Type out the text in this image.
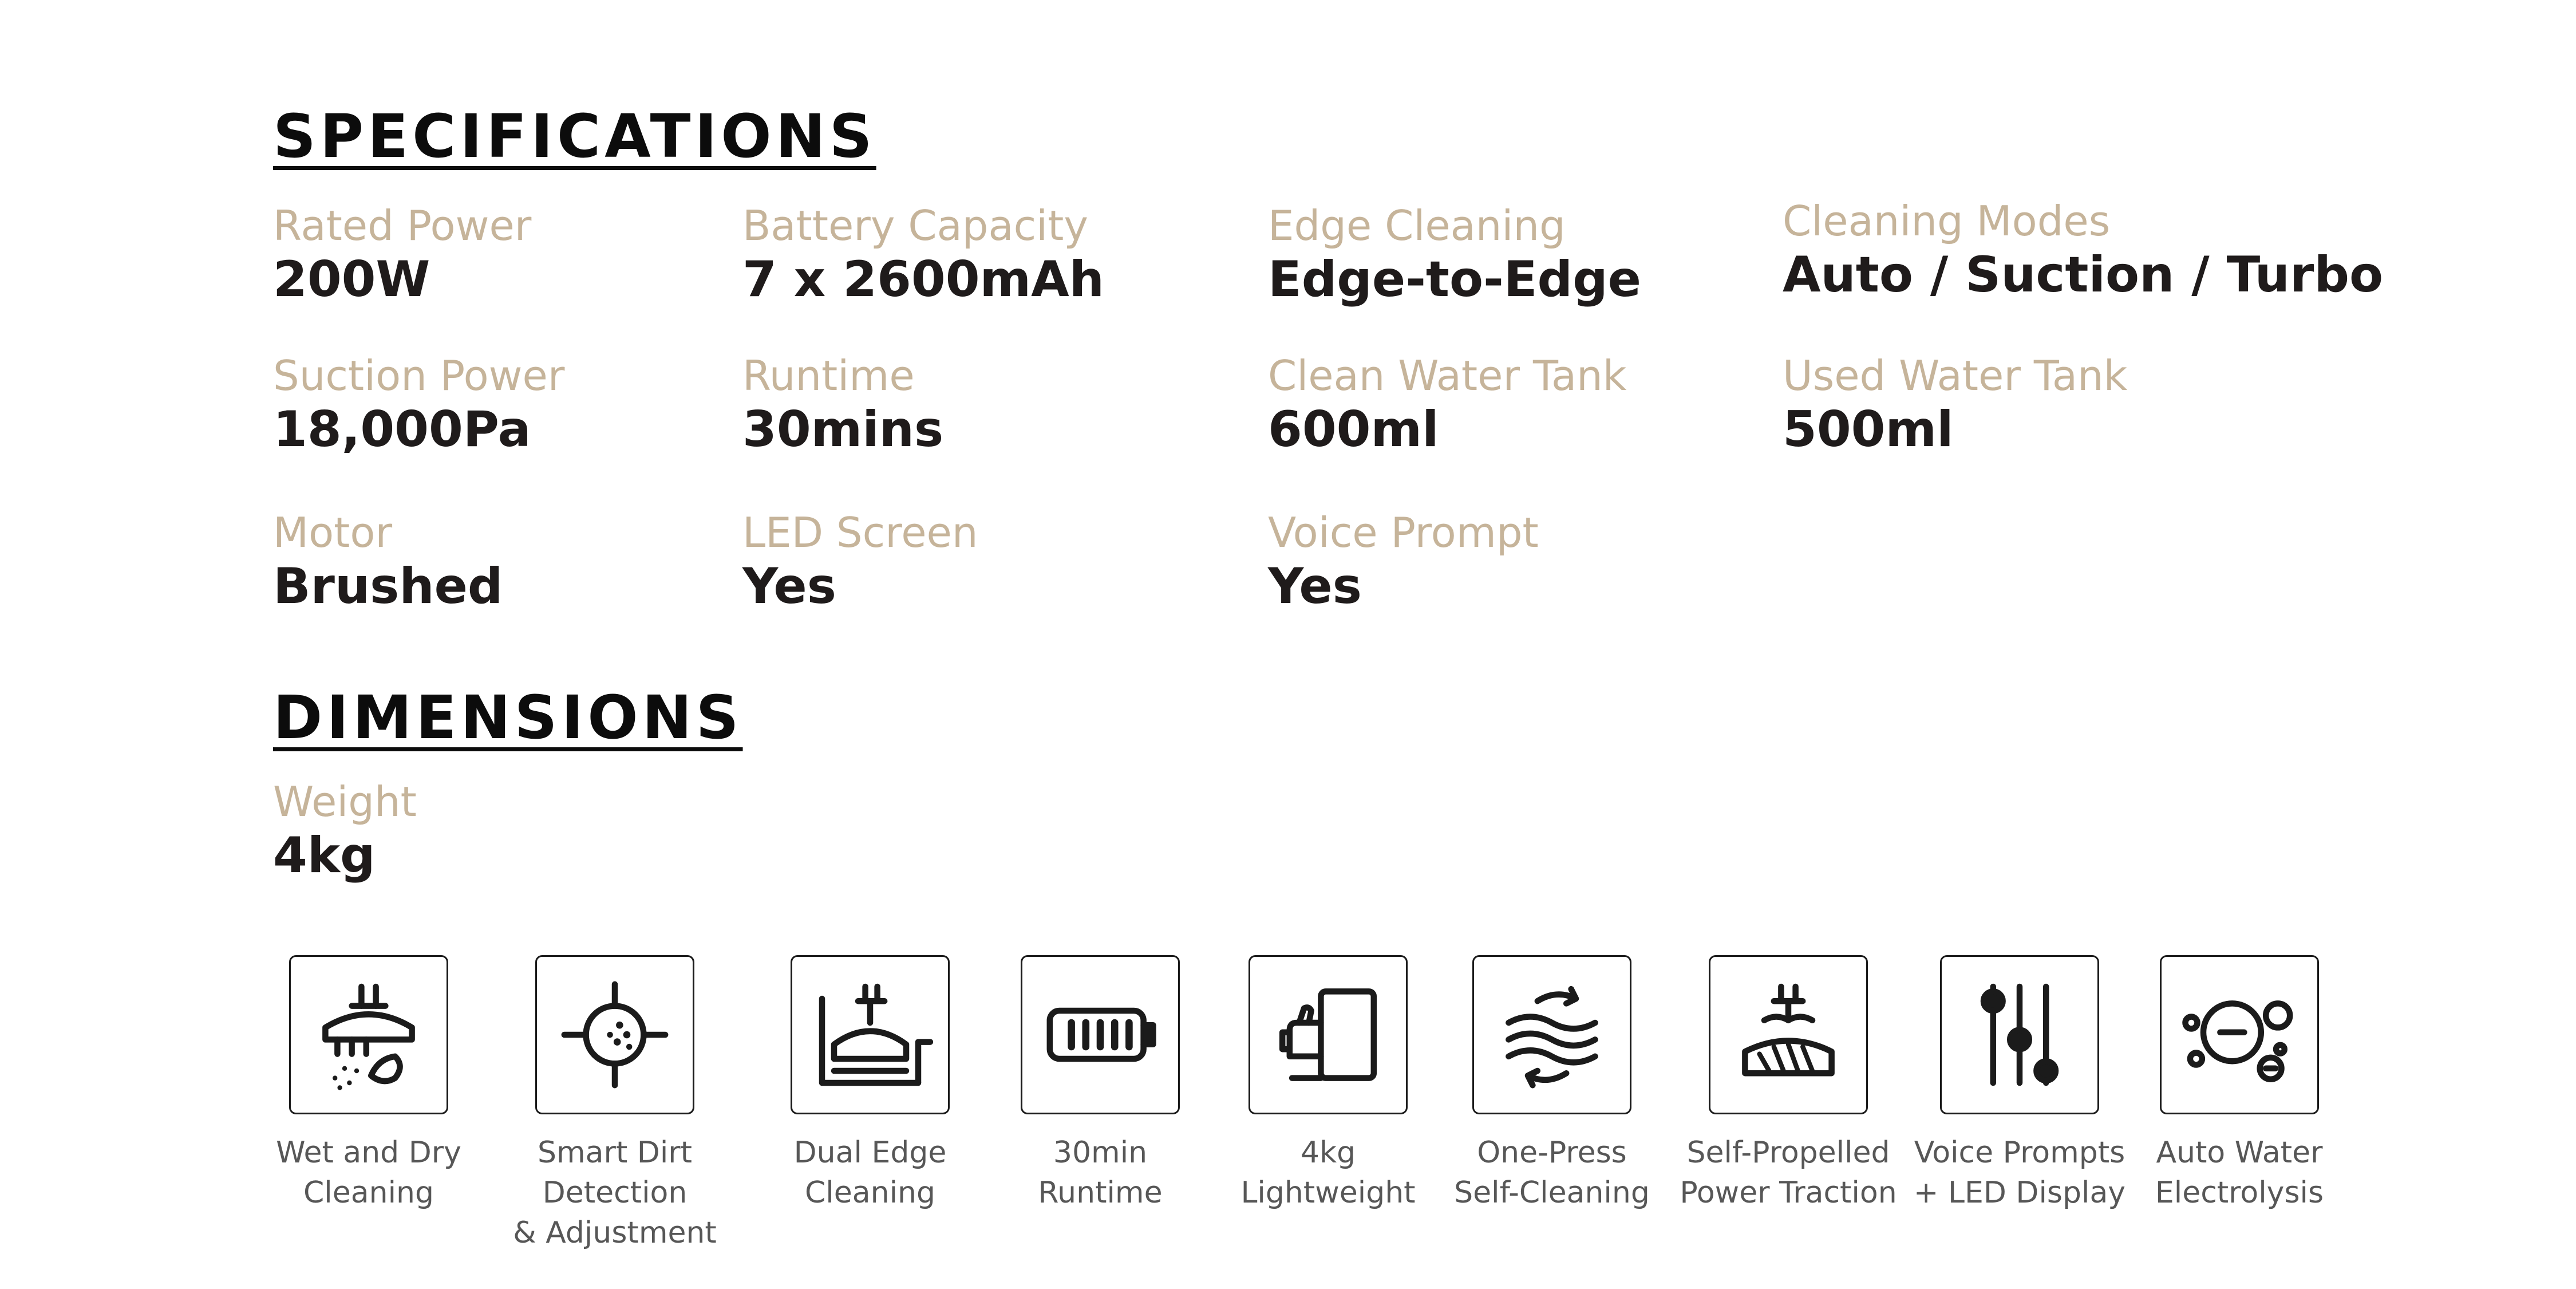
SPECIFICATIONS
Rated Power
200W
Battery Capacity
7 x 2600mAh
Edge Cleaning
Edge-to-Edge
Cleaning Modes
Auto / Suction / Turbo
Suction Power
18,000Pa
Runtime
30mins
Clean Water Tank
600ml
Used Water Tank
500ml
Motor
Brushed
LED Screen
Yes
Voice Prompt
Yes
DIMENSIONS
Weight
4kg
Wet and Dry
Cleaning
Smart Dirt Detection
& Adjustment
Dual Edge
Cleaning
30min
Runtime
4kg
Lightweight
One-Press
Self-Cleaning
Self-Propelled
Power Traction
Voice Prompts
+ LED Display
Auto Water
Electrolysis
